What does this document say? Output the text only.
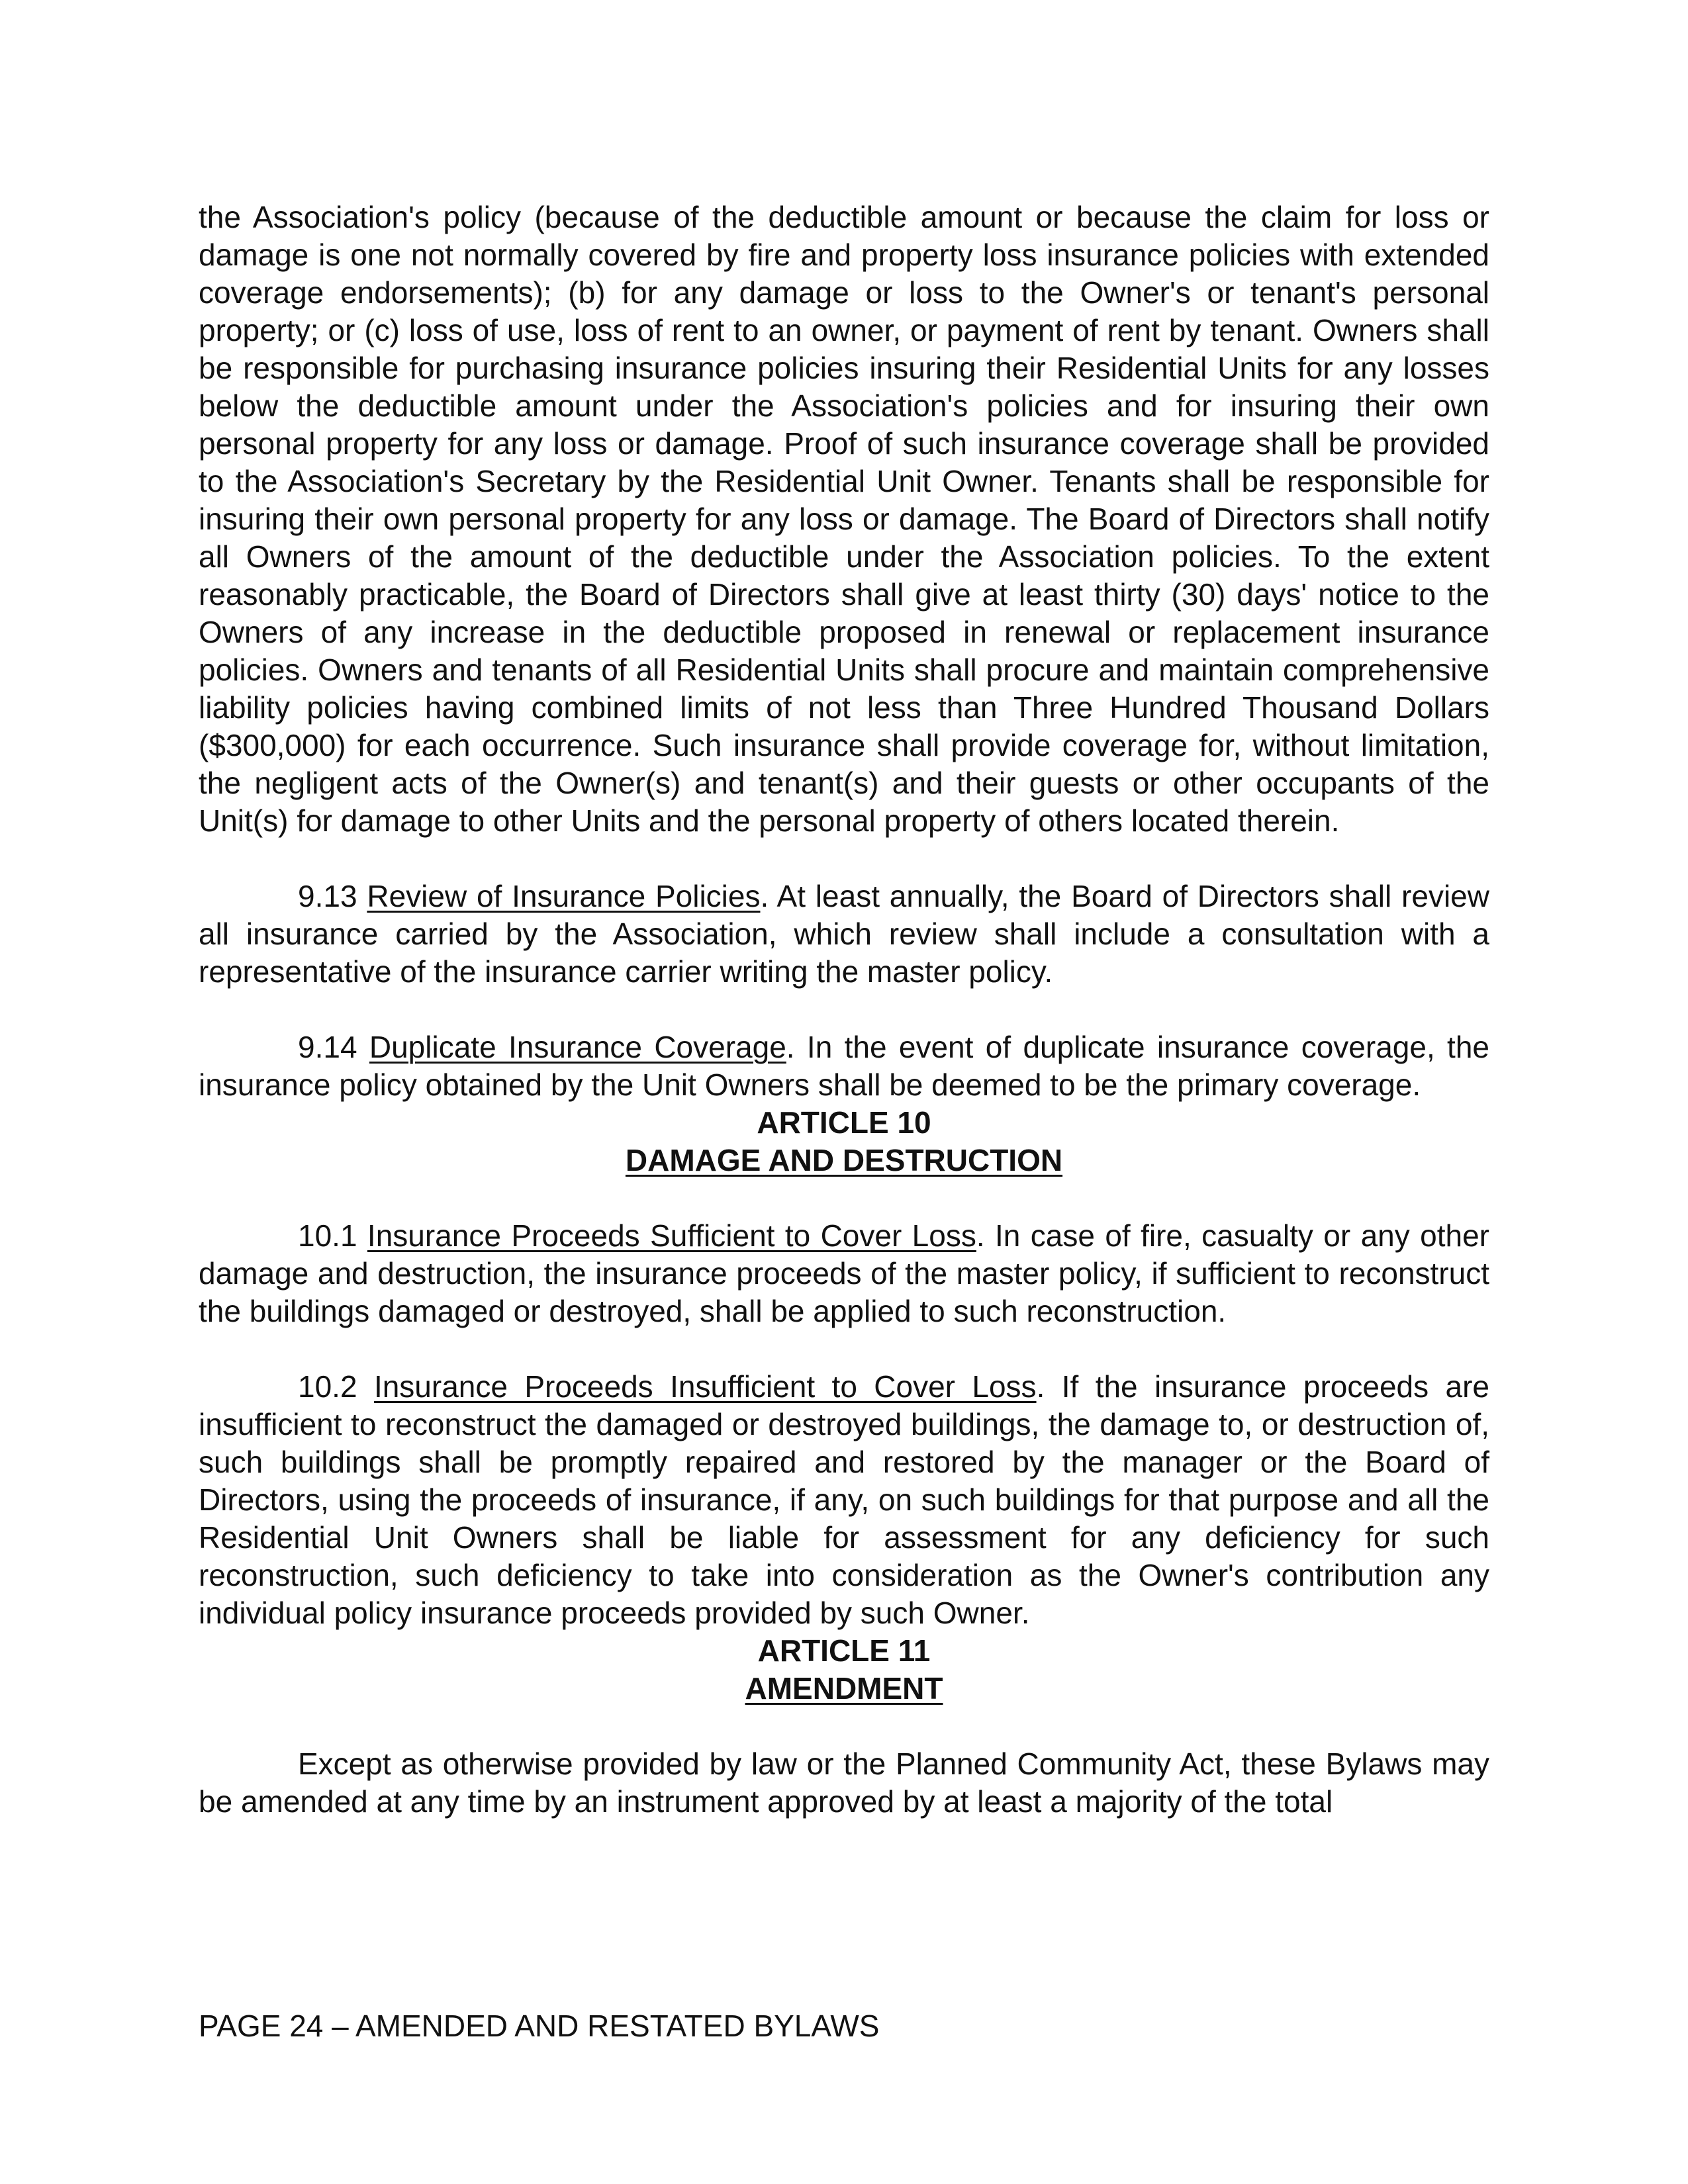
the Association's policy (because of the deductible amount or because the claim for loss or damage is one not normally covered by fire and property loss insurance policies with extended coverage endorsements); (b) for any damage or loss to the Owner's or tenant's personal property; or (c) loss of use, loss of rent to an owner, or payment of rent by tenant. Owners shall be responsible for purchasing insurance policies insuring their Residential Units for any losses below the deductible amount under the Association's policies and for insuring their own personal property for any loss or damage. Proof of such insurance coverage shall be provided to the Association's Secretary by the Residential Unit Owner. Tenants shall be responsible for insuring their own personal property for any loss or damage. The Board of Directors shall notify all Owners of the amount of the deductible under the Association policies. To the extent reasonably practicable, the Board of Directors shall give at least thirty (30) days' notice to the Owners of any increase in the deductible proposed in renewal or replacement insurance policies. Owners and tenants of all Residential Units shall procure and maintain comprehensive liability policies having combined limits of not less than Three Hundred Thousand Dollars ($300,000) for each occurrence. Such insurance shall provide coverage for, without limitation, the negligent acts of the Owner(s) and tenant(s) and their guests or other occupants of the Unit(s) for damage to other Units and the personal property of others located therein.

9.13 Review of Insurance Policies. At least annually, the Board of Directors shall review all insurance carried by the Association, which review shall include a consultation with a representative of the insurance carrier writing the master policy.

9.14 Duplicate Insurance Coverage. In the event of duplicate insurance coverage, the insurance policy obtained by the Unit Owners shall be deemed to be the primary coverage.

ARTICLE 10

DAMAGE AND DESTRUCTION

10.1 Insurance Proceeds Sufficient to Cover Loss. In case of fire, casualty or any other damage and destruction, the insurance proceeds of the master policy, if sufficient to reconstruct the buildings damaged or destroyed, shall be applied to such reconstruction.

10.2 Insurance Proceeds Insufficient to Cover Loss. If the insurance proceeds are insufficient to reconstruct the damaged or destroyed buildings, the damage to, or destruction of, such buildings shall be promptly repaired and restored by the manager or the Board of Directors, using the proceeds of insurance, if any, on such buildings for that purpose and all the Residential Unit Owners shall be liable for assessment for any deficiency for such reconstruction, such deficiency to take into consideration as the Owner's contribution any individual policy insurance proceeds provided by such Owner.

ARTICLE 11

AMENDMENT

Except as otherwise provided by law or the Planned Community Act, these Bylaws may be amended at any time by an instrument approved by at least a majority of the total

PAGE 24 – AMENDED AND RESTATED BYLAWS
